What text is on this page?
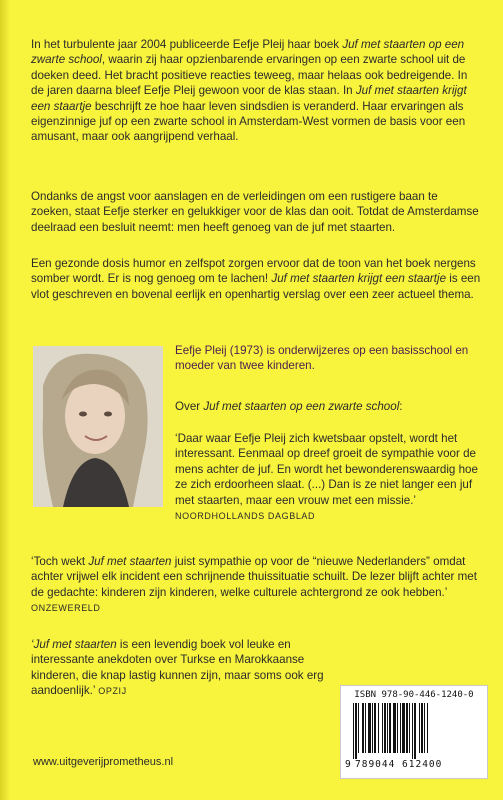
In het turbulente jaar 2004 publiceerde Eefje Pleij haar boek Juf met staarten op een zwarte school, waarin zij haar opzienbarende ervaringen op een zwarte school uit de doeken deed. Het bracht positieve reacties teweeg, maar helaas ook bedreigende. In de jaren daarna bleef Eefje Pleij gewoon voor de klas staan. In Juf met staarten krijgt een staartje beschrijft ze hoe haar leven sindsdien is veranderd. Haar ervaringen als eigenzinnige juf op een zwarte school in Amsterdam-West vormen de basis voor een amusant, maar ook aangrijpend verhaal.

Ondanks de angst voor aanslagen en de verleidingen om een rustigere baan te zoeken, staat Eefje sterker en gelukkiger voor de klas dan ooit. Totdat de Amsterdamse deelraad een besluit neemt: men heeft genoeg van de juf met staarten.

Een gezonde dosis humor en zelfspot zorgen ervoor dat de toon van het boek nergens somber wordt. Er is nog genoeg om te lachen! Juf met staarten krijgt een staartje is een vlot geschreven en bovenal eerlijk en openhartig verslag over een zeer actueel thema.

Eefje Pleij (1973) is onderwijzeres op een basisschool en moeder van twee kinderen.
Over Juf met staarten op een zwarte school:
‘Daar waar Eefje Pleij zich kwetsbaar opstelt, wordt het interessant. Eenmaal op dreef groeit de sympathie voor de mens achter de juf. En wordt het bewonderenswaardig hoe ze zich erdoorheen slaat. (...) Dan is ze niet langer een juf met staarten, maar een vrouw met een missie.’ NOORDHOLLANDS DAGBLAD
‘Toch wekt Juf met staarten juist sympathie op voor de “nieuwe Nederlanders” omdat achter vrijwel elk incident een schrijnende thuissituatie schuilt. De lezer blijft achter met de gedachte: kinderen zijn kinderen, welke culturele achtergrond ze ook hebben.’ ONZEWERELD
‘Juf met staarten is een levendig boek vol leuke en interessante anekdoten over Turkse en Marokkaanse kinderen, die knap lastig kunnen zijn, maar soms ook erg aandoenlijk.’ OPZIJ
www.uitgeverijprometheus.nl
ISBN 978-90-446-1240-0
9 789044 612400
